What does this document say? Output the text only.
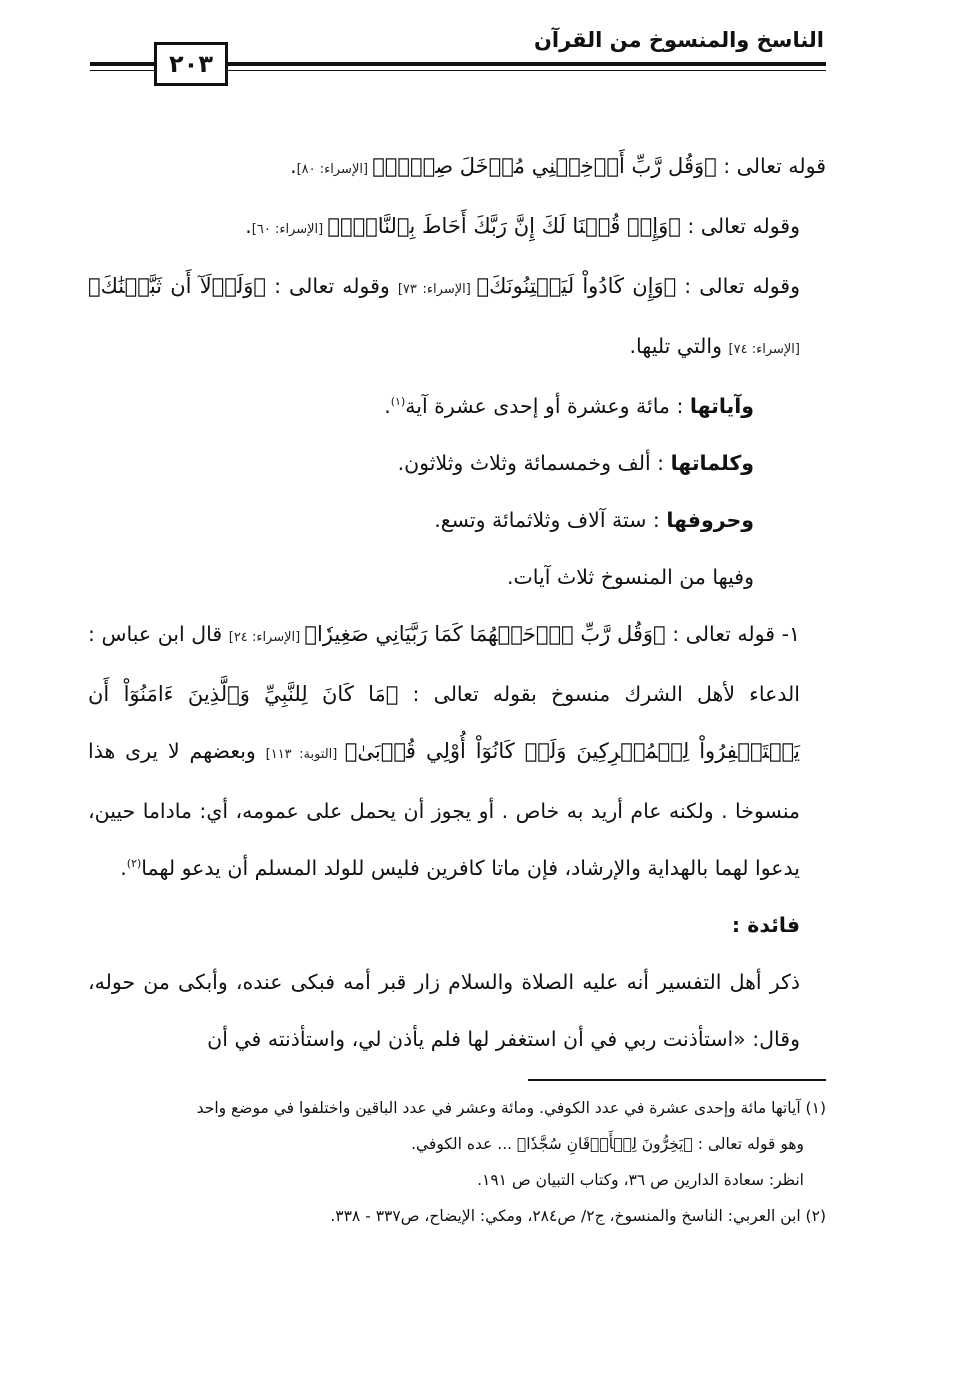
الناسخ والمنسوخ من القرآن
٢٠٣

قوله تعالى : ﴿وَقُل رَّبِّ أَدۡخِلۡنِي مُدۡخَلَ صِدۡقٖ﴾ [الإسراء: ٨٠].

وقوله تعالى : ﴿وَإِذۡ قُلۡنَا لَكَ إِنَّ رَبَّكَ أَحَاطَ بِٱلنَّاسِۚ﴾ [الإسراء: ٦٠].

وقوله تعالى : ﴿وَإِن كَادُواْ لَيَفۡتِنُونَكَ﴾ [الإسراء: ٧٣] وقوله تعالى : ﴿وَلَوۡلَآ أَن ثَبَّتۡنَٰكَ﴾ [الإسراء: ٧٤] والتي تليها.

وآياتها : مائة وعشرة أو إحدى عشرة آية$^{(١)}$.

وكلماتها : ألف وخمسمائة وثلاث وثلاثون.

وحروفها : ستة آلاف وثلاثمائة وتسع.

وفيها من المنسوخ ثلاث آيات.

١- قوله تعالى : ﴿وَقُل رَّبِّ ٱرۡحَمۡهُمَا كَمَا رَبَّيَانِي صَغِيرٗا﴾ [الإسراء: ٢٤] قال ابن عباس : الدعاء لأهل الشرك منسوخ بقوله تعالى : ﴿مَا كَانَ لِلنَّبِيِّ وَٱلَّذِينَ ءَامَنُوٓاْ أَن يَسۡتَغۡفِرُواْ لِلۡمُشۡرِكِينَ وَلَوۡ كَانُوٓاْ أُوْلِي قُرۡبَىٰ﴾ [التوبة: ١١٣] وبعضهم لا يرى هذا منسوخا . ولكنه عام أريد به خاص . أو يجوز أن يحمل على عمومه، أي: ماداما حيين، يدعوا لهما بالهداية والإرشاد، فإن ماتا كافرين فليس للولد المسلم أن يدعو لهما$^{(٢)}$.

فائدة :

ذكر أهل التفسير أنه عليه الصلاة والسلام زار قبر أمه فبكى عنده، وأبكى من حوله، وقال: «استأذنت ربي في أن استغفر لها فلم يأذن لي، واستأذنته في أن

(١) آياتها مائة وإحدى عشرة في عدد الكوفي. ومائة وعشر في عدد الباقين واختلفوا في موضع واحد

وهو قوله تعالى : ﴿يَخِرُّونَ لِلۡأَذۡقَانِ سُجَّدٗا﴾ ... عده الكوفي.

انظر: سعادة الدارين ص ٣٦، وكتاب التبيان ص ١٩١.

(٢) ابن العربي: الناسخ والمنسوخ، ج٢/ ص٢٨٤، ومكي: الإيضاح، ص٣٣٧ - ٣٣٨.
